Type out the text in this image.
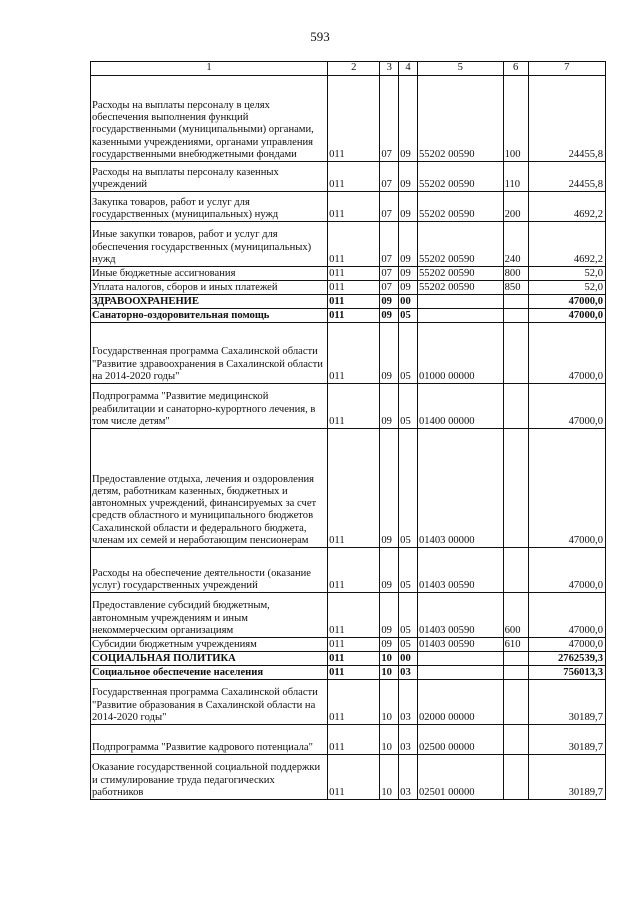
593
1	2	3	4	5	6	7
Расходы на выплаты персоналу в целях обеспечения выполнения функций государственными (муниципальными) органами, казенными учреждениями, органами управления государственными внебюджетными фондами	011	07	09	55202 00590	100	24455,8
Расходы на выплаты персоналу казенных учреждений	011	07	09	55202 00590	110	24455,8
Закупка товаров, работ и услуг для государственных (муниципальных) нужд	011	07	09	55202 00590	200	4692,2
Иные закупки товаров, работ и услуг для обеспечения государственных (муниципальных) нужд	011	07	09	55202 00590	240	4692,2
Иные бюджетные ассигнования	011	07	09	55202 00590	800	52,0
Уплата налогов, сборов и иных платежей	011	07	09	55202 00590	850	52,0
ЗДРАВООХРАНЕНИЕ	011	09	00			47000,0
Санаторно-оздоровительная помощь	011	09	05			47000,0
Государственная программа Сахалинской области "Развитие здравоохранения в Сахалинской области на 2014-2020 годы"	011	09	05	01000 00000		47000,0
Подпрограмма "Развитие медицинской реабилитации и санаторно-курортного лечения, в том числе детям"	011	09	05	01400 00000		47000,0
Предоставление отдыха, лечения и оздоровления детям, работникам казенных, бюджетных и автономных учреждений, финансируемых за счет средств областного и муниципального бюджетов Сахалинской области и федерального бюджета, членам их семей и неработающим пенсионерам	011	09	05	01403 00000		47000,0
Расходы на обеспечение деятельности (оказание услуг) государственных учреждений	011	09	05	01403 00590		47000,0
Предоставление субсидий бюджетным, автономным учреждениям и иным некоммерческим организациям	011	09	05	01403 00590	600	47000,0
Субсидии бюджетным учреждениям	011	09	05	01403 00590	610	47000,0
СОЦИАЛЬНАЯ ПОЛИТИКА	011	10	00			2762539,3
Социальное обеспечение населения	011	10	03			756013,3
Государственная программа Сахалинской области "Развитие образования в Сахалинской области на 2014-2020 годы"	011	10	03	02000 00000		30189,7
Подпрограмма "Развитие кадрового потенциала"	011	10	03	02500 00000		30189,7
Оказание государственной социальной поддержки и стимулирование труда педагогических работников	011	10	03	02501 00000		30189,7
